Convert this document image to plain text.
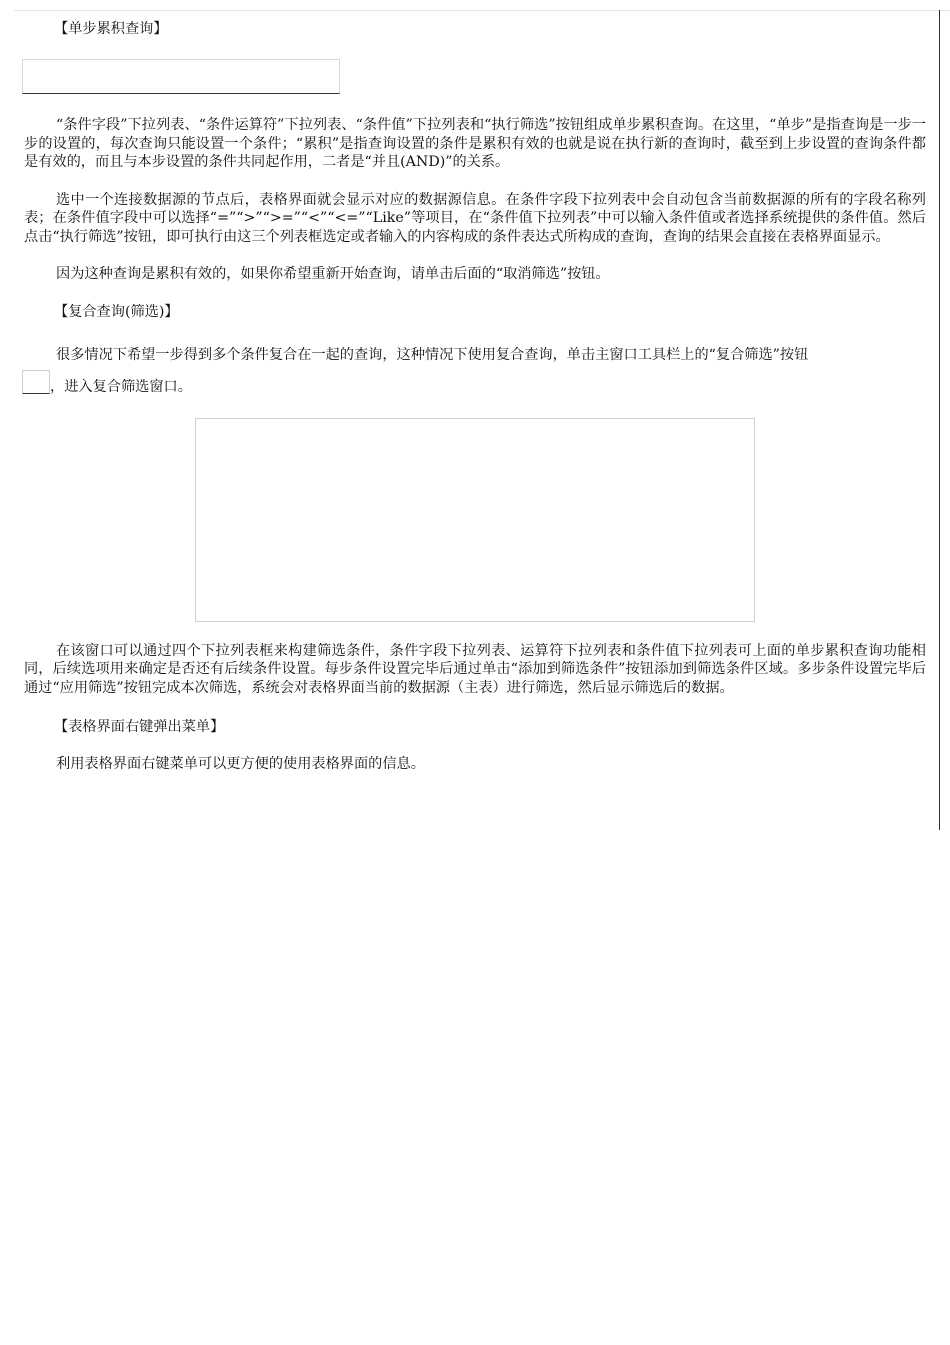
【单步累积查询】

“条件字段”下拉列表、“条件运算符”下拉列表、“条件值”下拉列表和“执行筛选”按钮组成单步累积查询。在这里，“单步”是指查询是一步一步的设置的，每次查询只能设置一个条件；“累积”是指查询设置的条件是累积有效的也就是说在执行新的查询时，截至到上步设置的查询条件都是有效的，而且与本步设置的条件共同起作用，二者是“并且(AND)”的关系。

选中一个连接数据源的节点后，表格界面就会显示对应的数据源信息。在条件字段下拉列表中会自动包含当前数据源的所有的字段名称列表；在条件值字段中可以选择“=”“>”“>=”“<”“<=”“Like”等项目，在“条件值下拉列表”中可以输入条件值或者选择系统提供的条件值。然后点击“执行筛选”按钮，即可执行由这三个列表框选定或者输入的内容构成的条件表达式所构成的查询，查询的结果会直接在表格界面显示。

因为这种查询是累积有效的，如果你希望重新开始查询，请单击后面的“取消筛选”按钮。

【复合查询(筛选)】

很多情况下希望一步得到多个条件复合在一起的查询，这种情况下使用复合查询，单击主窗口工具栏上的“复合筛选”按钮
，进入复合筛选窗口。

在该窗口可以通过四个下拉列表框来构建筛选条件，条件字段下拉列表、运算符下拉列表和条件值下拉列表可上面的单步累积查询功能相同，后续选项用来确定是否还有后续条件设置。每步条件设置完毕后通过单击“添加到筛选条件”按钮添加到筛选条件区域。多步条件设置完毕后通过“应用筛选”按钮完成本次筛选，系统会对表格界面当前的数据源（主表）进行筛选，然后显示筛选后的数据。

【表格界面右键弹出菜单】

利用表格界面右键菜单可以更方便的使用表格界面的信息。
